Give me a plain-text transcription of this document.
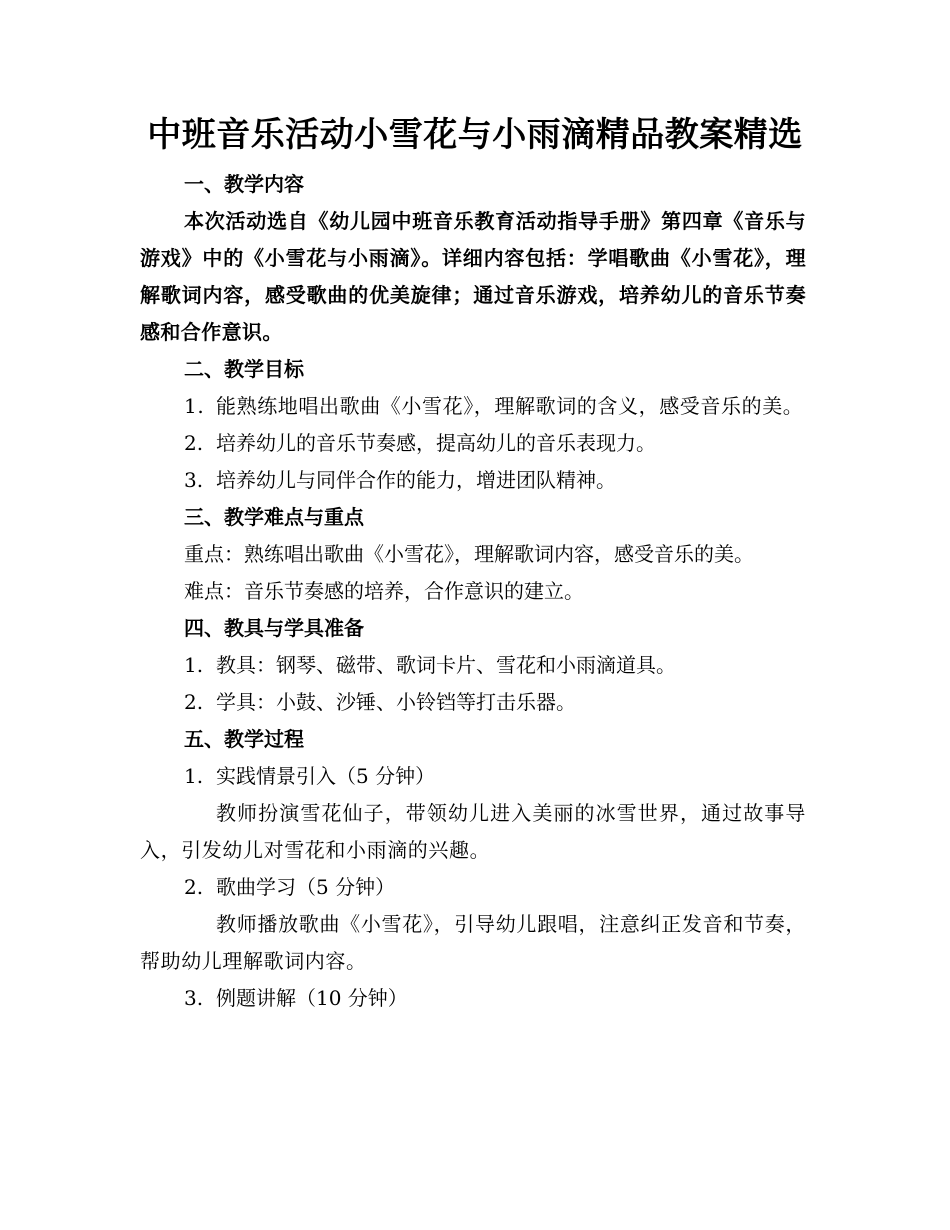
中班音乐活动小雪花与小雨滴精品教案精选
一、教学内容
本次活动选自《幼儿园中班音乐教育活动指导手册》第四章《音乐与游戏》中的《小雪花与小雨滴》。详细内容包括：学唱歌曲《小雪花》，理解歌词内容，感受歌曲的优美旋律；通过音乐游戏，培养幼儿的音乐节奏感和合作意识。
二、教学目标
1. 能熟练地唱出歌曲《小雪花》，理解歌词的含义，感受音乐的美。
2. 培养幼儿的音乐节奏感，提高幼儿的音乐表现力。
3. 培养幼儿与同伴合作的能力，增进团队精神。
三、教学难点与重点
重点：熟练唱出歌曲《小雪花》，理解歌词内容，感受音乐的美。
难点：音乐节奏感的培养，合作意识的建立。
四、教具与学具准备
1. 教具：钢琴、磁带、歌词卡片、雪花和小雨滴道具。
2. 学具：小鼓、沙锤、小铃铛等打击乐器。
五、教学过程
1. 实践情景引入（5 分钟）
教师扮演雪花仙子，带领幼儿进入美丽的冰雪世界，通过故事导入，引发幼儿对雪花和小雨滴的兴趣。
2. 歌曲学习（5 分钟）
教师播放歌曲《小雪花》，引导幼儿跟唱，注意纠正发音和节奏，帮助幼儿理解歌词内容。
3. 例题讲解（10 分钟）
